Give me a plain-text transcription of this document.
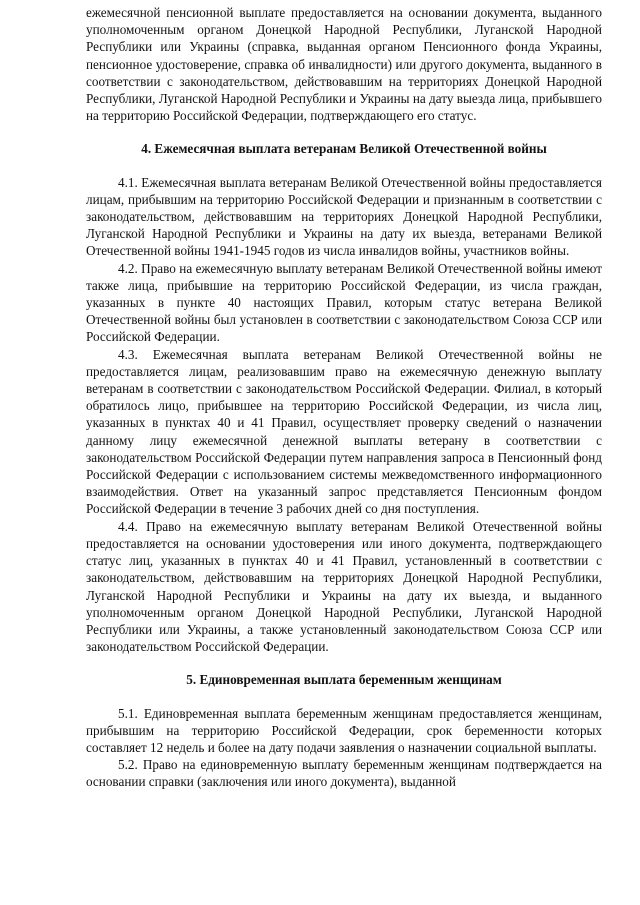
ежемесячной пенсионной выплате предоставляется на основании документа, выданного уполномоченным органом Донецкой Народной Республики, Луганской Народной Республики или Украины (справка, выданная органом Пенсионного фонда Украины, пенсионное удостоверение, справка об инвалидности) или другого документа, выданного в соответствии с законодательством, действовавшим на территориях Донецкой Народной Республики, Луганской Народной Республики и Украины на дату выезда лица, прибывшего на территорию Российской Федерации, подтверждающего его статус.

4. Ежемесячная выплата ветеранам Великой Отечественной войны

4.1. Ежемесячная выплата ветеранам Великой Отечественной войны предоставляется лицам, прибывшим на территорию Российской Федерации и признанным в соответствии с законодательством, действовавшим на территориях Донецкой Народной Республики, Луганской Народной Республики и Украины на дату их выезда, ветеранами Великой Отечественной войны 1941-1945 годов из числа инвалидов войны, участников войны.

4.2. Право на ежемесячную выплату ветеранам Великой Отечественной войны имеют также лица, прибывшие на территорию Российской Федерации, из числа граждан, указанных в пункте 40 настоящих Правил, которым статус ветерана Великой Отечественной войны был установлен в соответствии с законодательством Союза ССР или Российской Федерации.

4.3. Ежемесячная выплата ветеранам Великой Отечественной войны не предоставляется лицам, реализовавшим право на ежемесячную денежную выплату ветеранам в соответствии с законодательством Российской Федерации. Филиал, в который обратилось лицо, прибывшее на территорию Российской Федерации, из числа лиц, указанных в пунктах 40 и 41 Правил, осуществляет проверку сведений о назначении данному лицу ежемесячной денежной выплаты ветерану в соответствии с законодательством Российской Федерации путем направления запроса в Пенсионный фонд Российской Федерации с использованием системы межведомственного информационного взаимодействия. Ответ на указанный запрос представляется Пенсионным фондом Российской Федерации в течение 3 рабочих дней со дня поступления.

4.4. Право на ежемесячную выплату ветеранам Великой Отечественной войны предоставляется на основании удостоверения или иного документа, подтверждающего статус лиц, указанных в пунктах 40 и 41 Правил, установленный в соответствии с законодательством, действовавшим на территориях Донецкой Народной Республики, Луганской Народной Республики и Украины на дату их выезда, и выданного уполномоченным органом Донецкой Народной Республики, Луганской Народной Республики или Украины, а также установленный законодательством Союза ССР или законодательством Российской Федерации.

5. Единовременная выплата беременным женщинам

5.1. Единовременная выплата беременным женщинам предоставляется женщинам, прибывшим на территорию Российской Федерации, срок беременности которых составляет 12 недель и более на дату подачи заявления о назначении социальной выплаты.

5.2. Право на единовременную выплату беременным женщинам подтверждается на основании справки (заключения или иного документа), выданной
